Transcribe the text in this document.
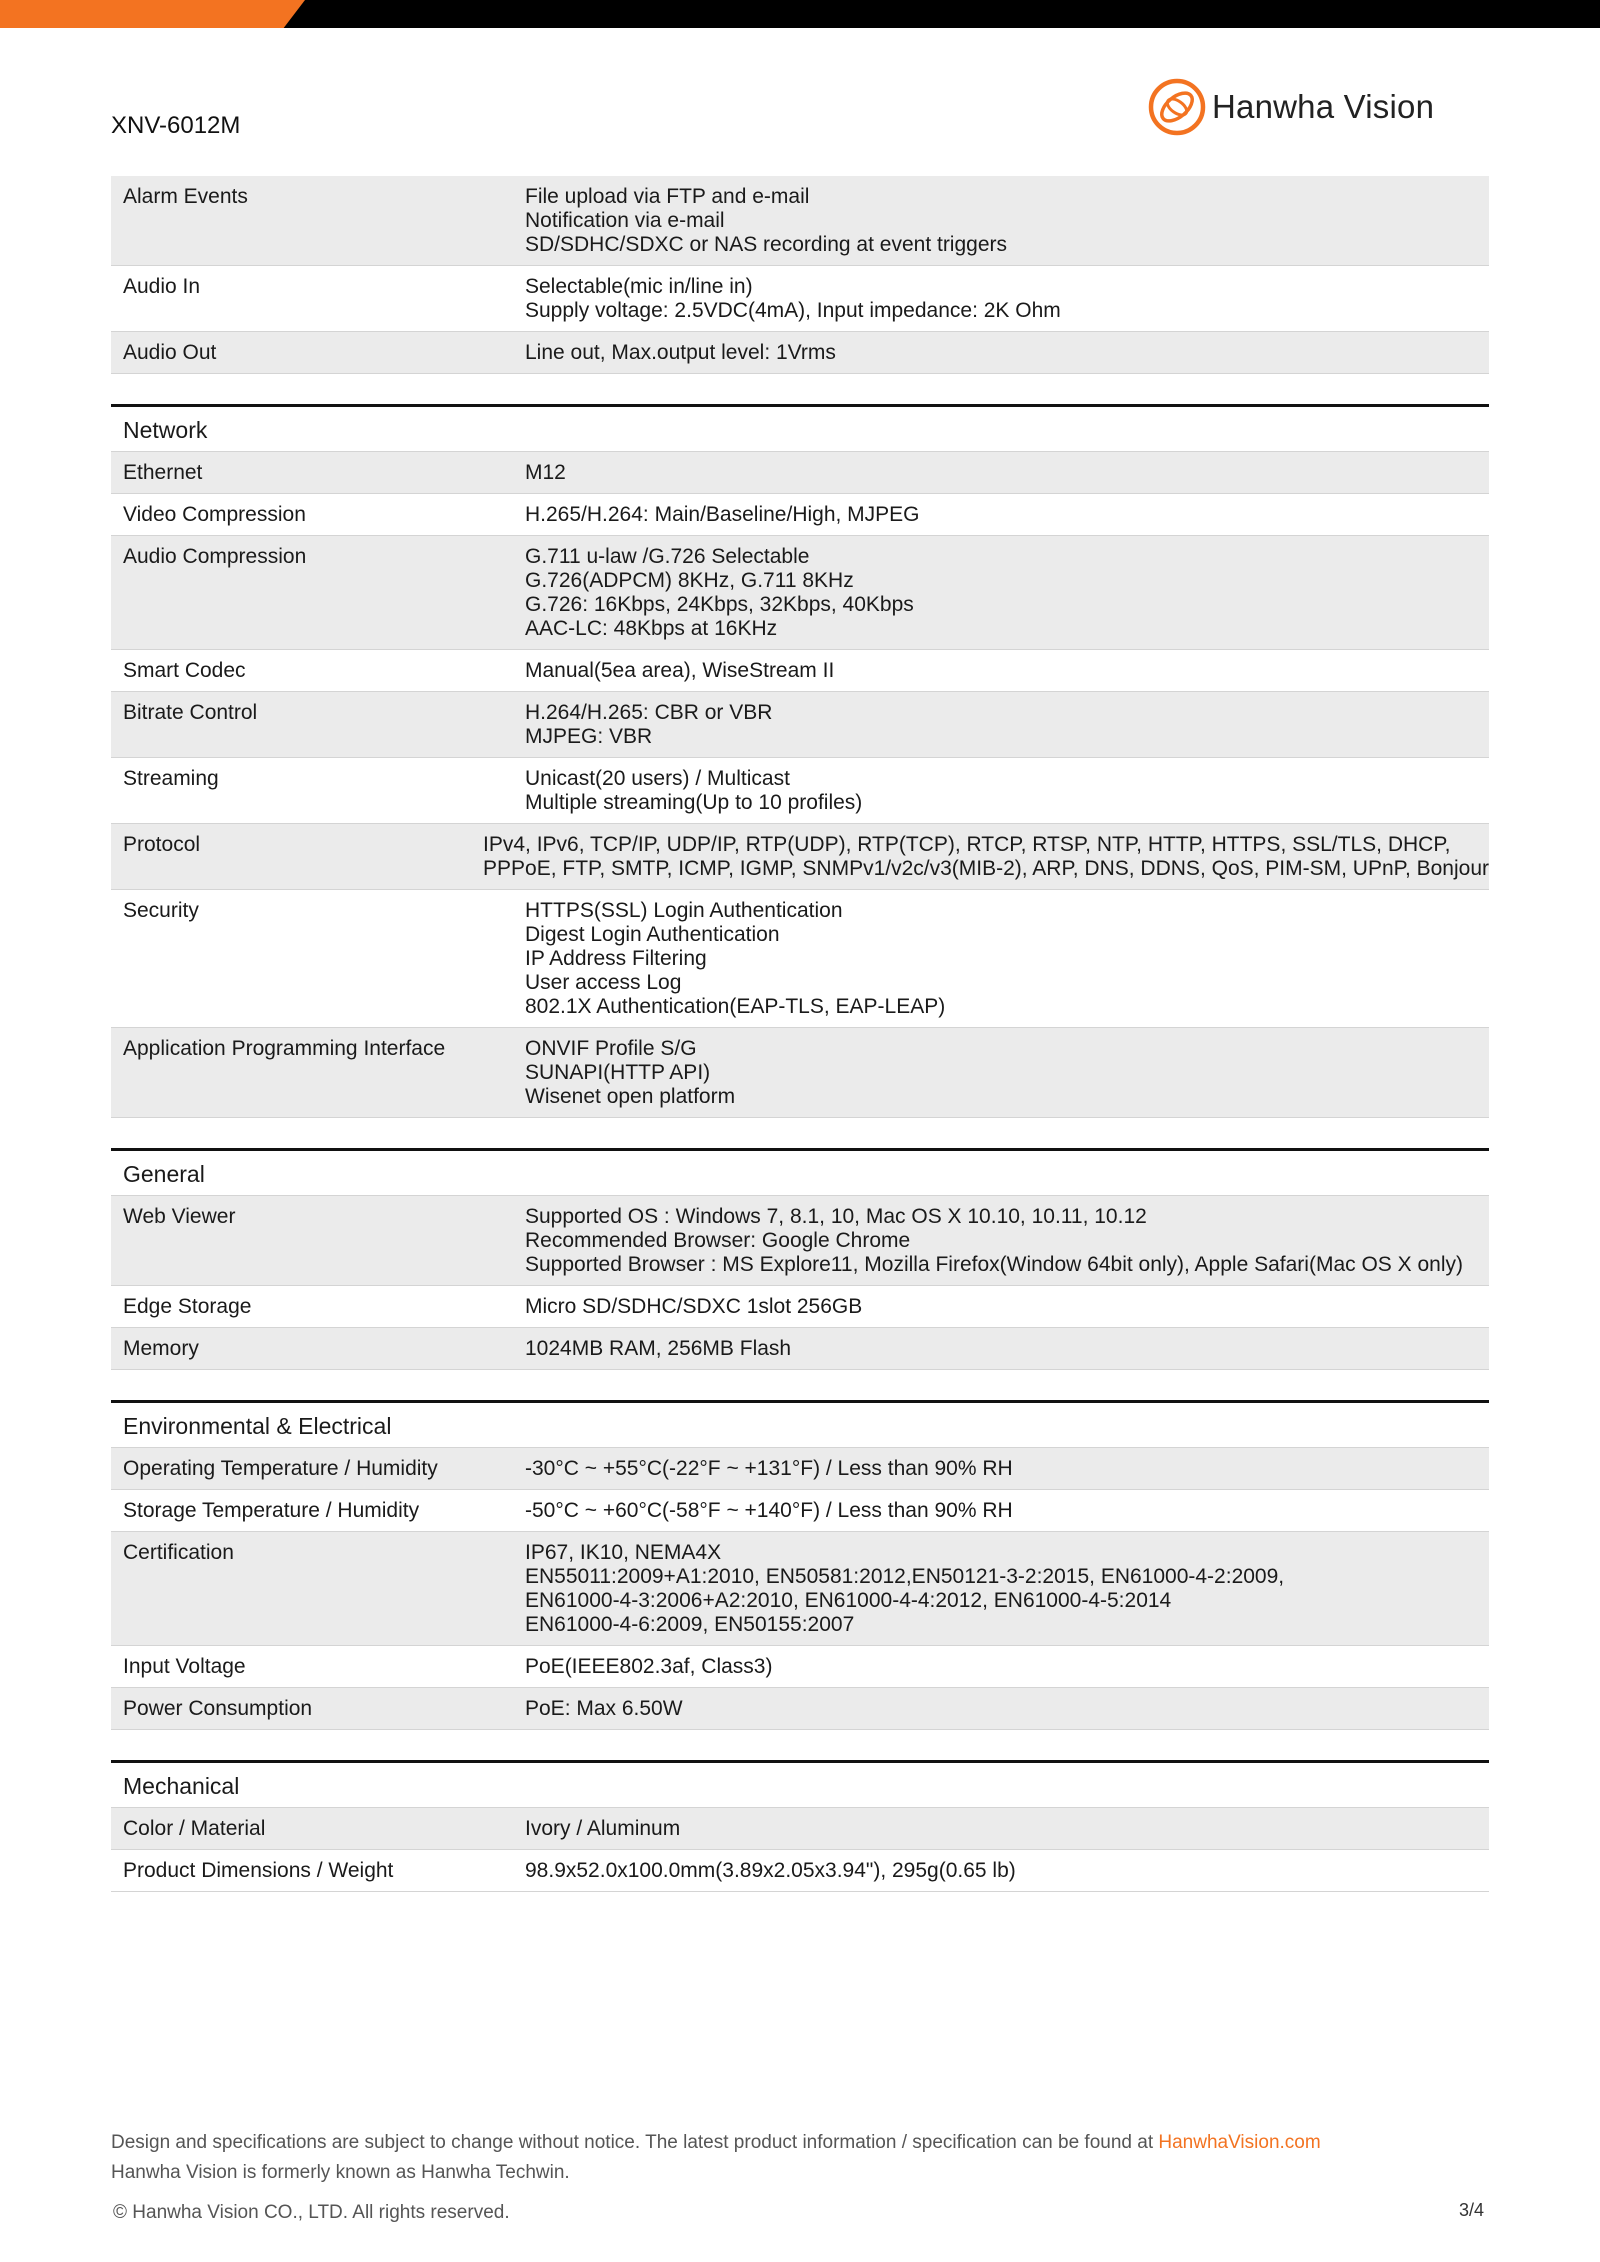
XNV-6012M
Hanwha Vision
Alarm Events	File upload via FTP and e-mail
Notification via e-mail
SD/SDHC/SDXC or NAS recording at event triggers
Audio In	Selectable(mic in/line in)
Supply voltage: 2.5VDC(4mA), Input impedance: 2K Ohm
Audio Out	Line out, Max.output level: 1Vrms
Network
Ethernet	M12
Video Compression	H.265/H.264: Main/Baseline/High, MJPEG
Audio Compression	G.711 u-law /G.726 Selectable
G.726(ADPCM) 8KHz, G.711 8KHz
G.726: 16Kbps, 24Kbps, 32Kbps, 40Kbps
AAC-LC: 48Kbps at 16KHz
Smart Codec	Manual(5ea area), WiseStream II
Bitrate Control	H.264/H.265: CBR or VBR
MJPEG: VBR
Streaming	Unicast(20 users) / Multicast
Multiple streaming(Up to 10 profiles)
Protocol	IPv4, IPv6, TCP/IP, UDP/IP, RTP(UDP), RTP(TCP), RTCP, RTSP, NTP, HTTP, HTTPS, SSL/TLS, DHCP,
PPPoE, FTP, SMTP, ICMP, IGMP, SNMPv1/v2c/v3(MIB-2), ARP, DNS, DDNS, QoS, PIM-SM, UPnP, Bonjour
Security	HTTPS(SSL) Login Authentication
Digest Login Authentication
IP Address Filtering
User access Log
802.1X Authentication(EAP-TLS, EAP-LEAP)
Application Programming Interface	ONVIF Profile S/G
SUNAPI(HTTP API)
Wisenet open platform
General
Web Viewer	Supported OS : Windows 7, 8.1, 10, Mac OS X 10.10, 10.11, 10.12
Recommended Browser: Google Chrome
Supported Browser : MS Explore11, Mozilla Firefox(Window 64bit only), Apple Safari(Mac OS X only)
Edge Storage	Micro SD/SDHC/SDXC 1slot 256GB
Memory	1024MB RAM, 256MB Flash
Environmental & Electrical
Operating Temperature / Humidity	-30°C ~ +55°C(-22°F ~ +131°F) / Less than 90% RH
Storage Temperature / Humidity	-50°C ~ +60°C(-58°F ~ +140°F) / Less than 90% RH
Certification	IP67, IK10, NEMA4X
EN55011:2009+A1:2010, EN50581:2012,EN50121-3-2:2015, EN61000-4-2:2009,
EN61000-4-3:2006+A2:2010, EN61000-4-4:2012, EN61000-4-5:2014
EN61000-4-6:2009, EN50155:2007
Input Voltage	PoE(IEEE802.3af, Class3)
Power Consumption	PoE: Max 6.50W
Mechanical
Color / Material	Ivory / Aluminum
Product Dimensions / Weight	98.9x52.0x100.0mm(3.89x2.05x3.94"), 295g(0.65 lb)
Design and specifications are subject to change without notice. The latest product information / specification can be found at HanwhaVision.com
Hanwha Vision is formerly known as Hanwha Techwin.
© Hanwha Vision CO., LTD. All rights reserved.	3/4
